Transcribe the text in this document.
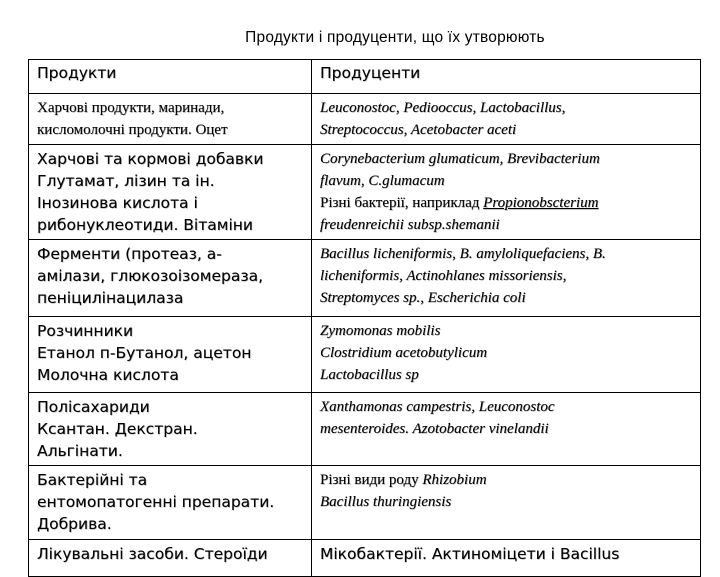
Продукти і продуценти, що їх утворюють
Продукти	Продуценти

Харчові продукти, маринади,
кисломолочні продукти. Оцет	Leuconostoc, Pediooccus, Lactobacillus,
Streptococcus, Acetobacter aceti

Харчові та кормові добавки
Глутамат, лізин та ін.
Інозинова кислота і
рибонуклеотиди. Вітаміни	Corynebacterium glumaticum, Brevibacterium
flavum, C.glumacum
Різні бактерії, наприклад Propionobscterium
freudenreichii subsp.shemanii

Ферменти (протеаз, а-
амілази, глюкозоізомераза,
пеніцилінацилаза	Bacillus licheniformis, B. amyloliquefaciens, B.
licheniformis, Actinohlanes missoriensis,
Streptomyces sp., Escherichia coli

Розчинники
Етанол п-Бутанол, ацетон
Молочна кислота	Zymomonas mobilis
Clostridium acetobutylicum
Lactobacillus sp

Полісахариди
Ксантан. Декстран.
Альгінати.	Xanthamonas campestris, Leuconostoc
mesenteroides. Azotobacter vinelandii

Бактерійні та
ентомопатогенні препарати.
Добрива.	Різні види роду Rhizobium
Bacillus thuringiensis

Лікувальні засоби. Стероїди	Мікобактерії. Актиноміцети і Bacillus
